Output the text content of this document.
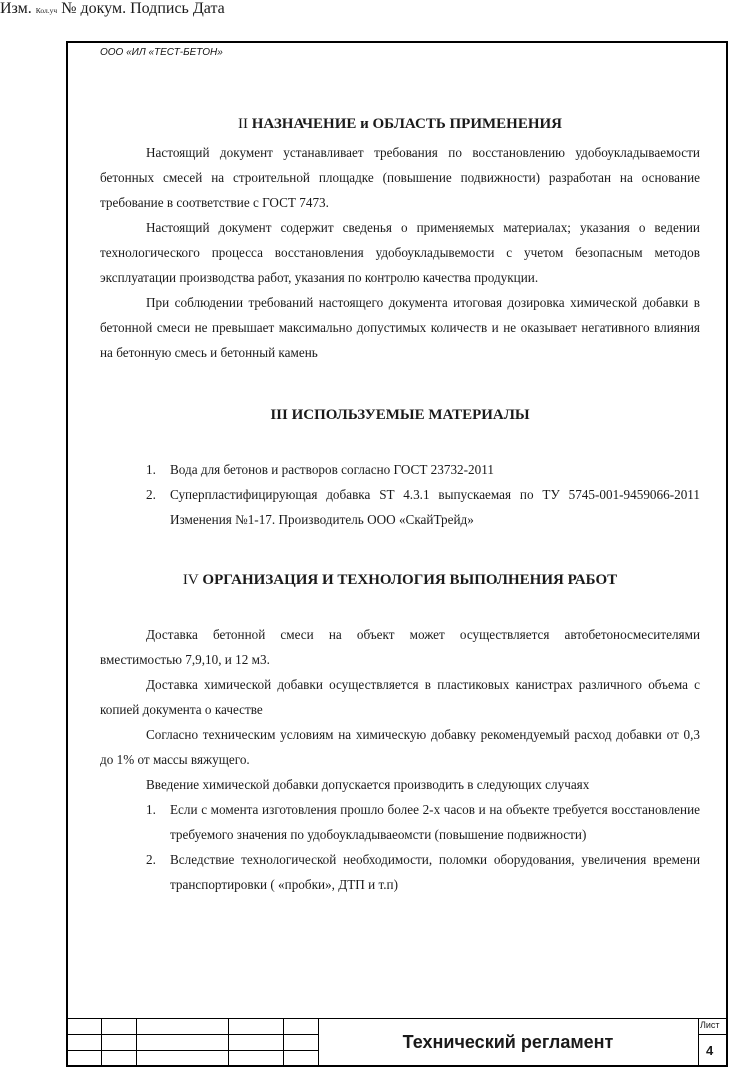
ООО «ИЛ «ТЕСТ-БЕТОН»
II НАЗНАЧЕНИЕ и ОБЛАСТЬ ПРИМЕНЕНИЯ

Настоящий документ устанавливает требования по восстановлению удобоукладываемости бетонных смесей на строительной площадке (повышение подвижности) разработан на основание требование в соответствие с ГОСТ 7473.

Настоящий документ содержит сведенья о применяемых материалах; указания о ведении технологического процесса восстановления удобоукладывемости с учетом безопасным методов эксплуатации производства работ, указания по контролю качества продукции.

При соблюдении требований настоящего документа итоговая дозировка химической добавки в бетонной смеси не превышает максимально допустимых количеств и не оказывает негативного влияния на бетонную смесь и бетонный камень

III ИСПОЛЬЗУЕМЫЕ МАТЕРИАЛЫ
1. Вода для бетонов и растворов согласно ГОСТ 23732-2011
2. Суперпластифицирующая добавка ST 4.3.1 выпускаемая по ТУ 5745-001-9459066-2011 Изменения №1-17. Производитель ООО «СкайТрейд»
IV ОРГАНИЗАЦИЯ И ТЕХНОЛОГИЯ ВЫПОЛНЕНИЯ РАБОТ

Доставка бетонной смеси на объект может осуществляется автобетоносмесителями вместимостью 7,9,10, и 12 м3.

Доставка химической добавки осуществляется в пластиковых канистрах различного объема с копией документа о качестве

Согласно техническим условиям на химическую добавку рекомендуемый расход добавки от 0,3 до 1% от массы вяжущего.

Введение химической добавки допускается производить в следующих случаях

1. Если с момента изготовления прошло более 2-х часов и на объекте требуется восстановление требуемого значения по удобоукладываеомсти (повышение подвижности)
2. Вследствие технологической необходимости, поломки оборудования, увеличения времени транспортировки ( «пробки», ДТП и т.п)
Изм. Кол.уч № докум. Подпись Дата
Технический регламент
Лист
4
